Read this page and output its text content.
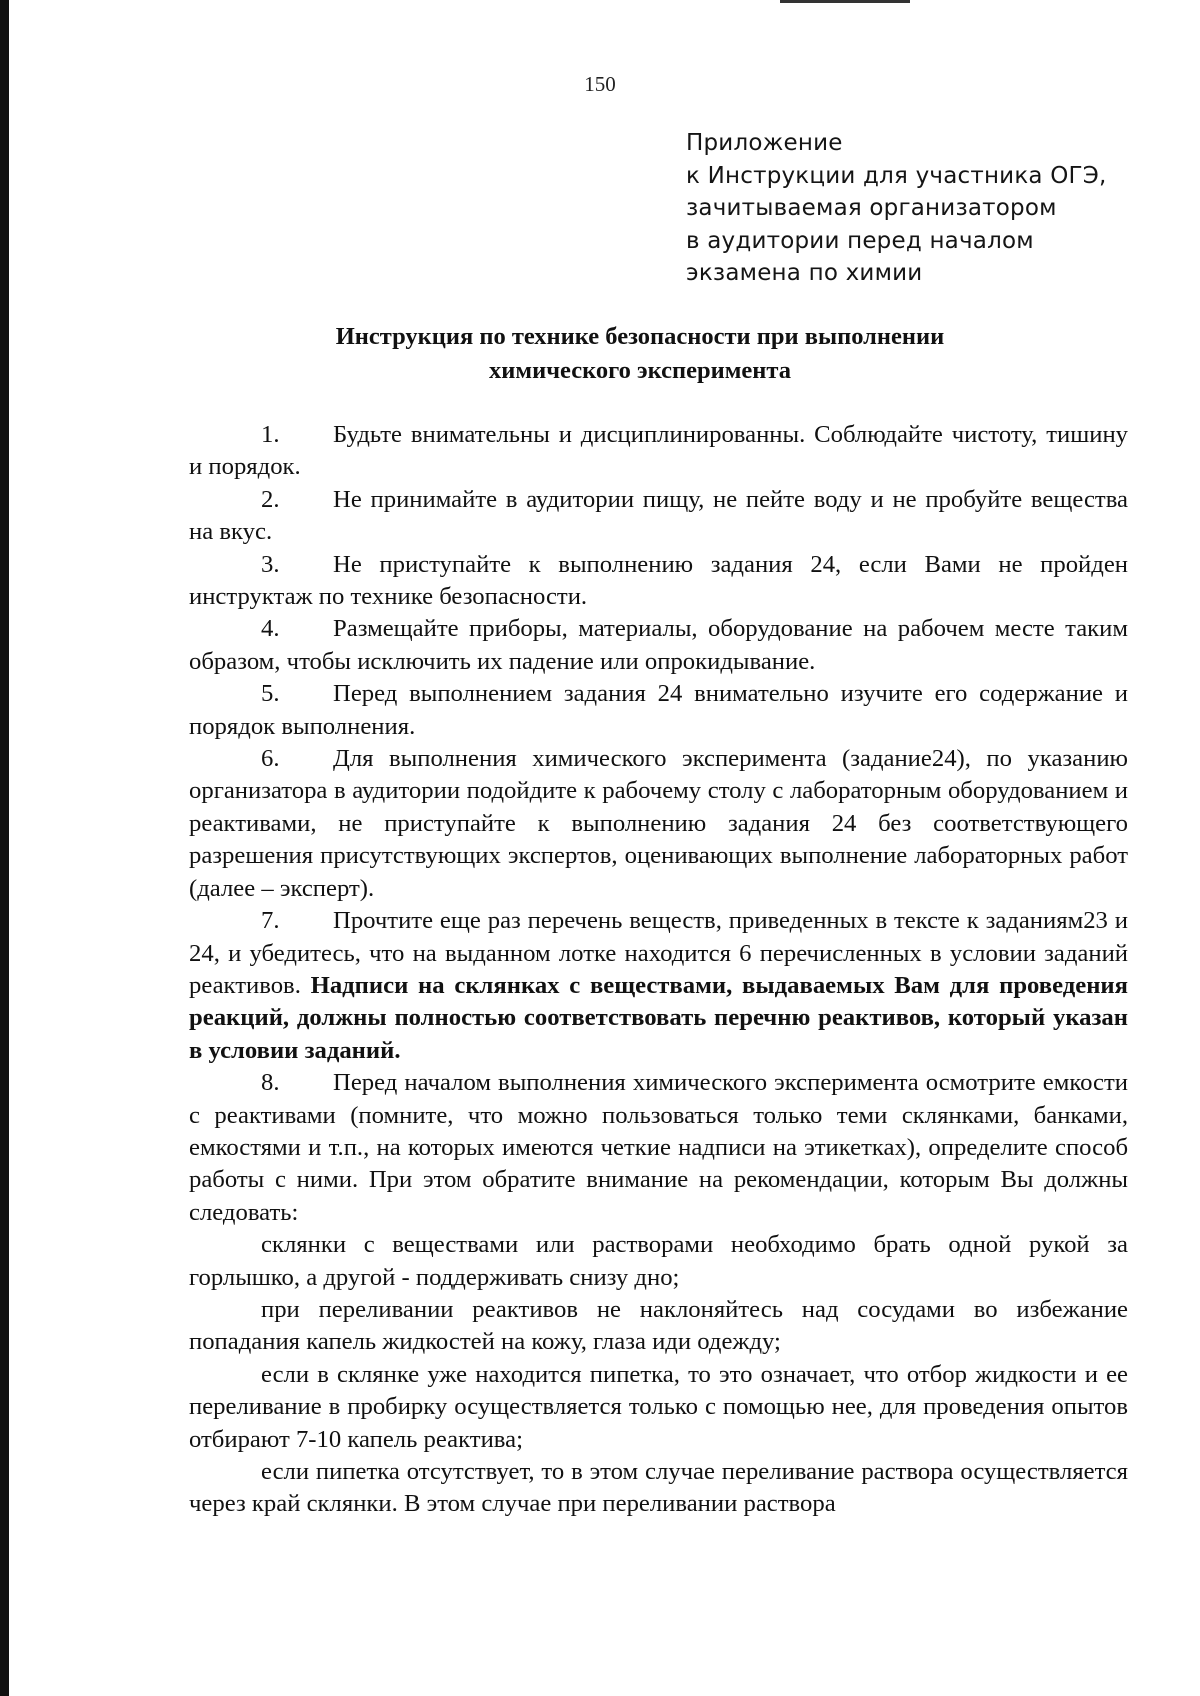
150
Приложение
к Инструкции для участника ОГЭ,
зачитываемая организатором
в аудитории перед началом
экзамена по химии
Инструкция по технике безопасности при выполнении
химического эксперимента

1. Будьте внимательны и дисциплинированны. Соблюдайте чистоту, тишину и порядок.

2. Не принимайте в аудитории пищу, не пейте воду и не пробуйте вещества на вкус.

3. Не приступайте к выполнению задания 24, если Вами не пройден инструктаж по технике безопасности.

4. Размещайте приборы, материалы, оборудование на рабочем месте таким образом, чтобы исключить их падение или опрокидывание.

5. Перед выполнением задания 24 внимательно изучите его содержание и порядок выполнения.

6. Для выполнения химического эксперимента (задание24), по указанию организатора в аудитории подойдите к рабочему столу с лабораторным оборудованием и реактивами, не приступайте к выполнению задания 24 без соответствующего разрешения присутствующих экспертов, оценивающих выполнение лабораторных работ (далее – эксперт).

7. Прочтите еще раз перечень веществ, приведенных в тексте к заданиям23 и 24, и убедитесь, что на выданном лотке находится 6 перечисленных в условии заданий реактивов. Надписи на склянках с веществами, выдаваемых Вам для проведения реакций, должны полностью соответствовать перечню реактивов, который указан в условии заданий.

8. Перед началом выполнения химического эксперимента осмотрите емкости с реактивами (помните, что можно пользоваться только теми склянками, банками, емкостями и т.п., на которых имеются четкие надписи на этикетках), определите способ работы с ними. При этом обратите внимание на рекомендации, которым Вы должны следовать:

склянки с веществами или растворами необходимо брать одной рукой за горлышко, а другой - поддерживать снизу дно;

при переливании реактивов не наклоняйтесь над сосудами во избежание попадания капель жидкостей на кожу, глаза иди одежду;

если в склянке уже находится пипетка, то это означает, что отбор жидкости и ее переливание в пробирку осуществляется только с помощью нее, для проведения опытов отбирают 7-10 капель реактива;

если пипетка отсутствует, то в этом случае переливание раствора осуществляется через край склянки. В этом случае при переливании раствора
